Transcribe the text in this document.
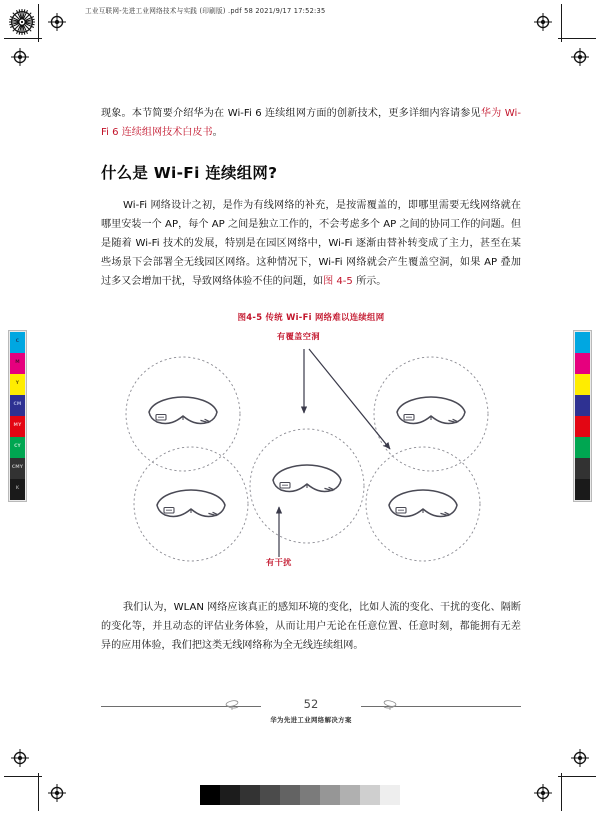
工业互联网-先进工业网络技术与实践 (印刷版) .pdf 58 2021/9/17 17:52:35
C
M
Y
CM
MY
CY
CMY
K

现象。本节简要介绍华为在 Wi-Fi 6 连续组网方面的创新技术，更多详细内容请参见华为 Wi-Fi 6 连续组网技术白皮书。

什么是 Wi-Fi 连续组网?

Wi-Fi 网络设计之初，是作为有线网络的补充，是按需覆盖的，即哪里需要无线网络就在哪里安装一个 AP，每个 AP 之间是独立工作的，不会考虑多个 AP 之间的协同工作的问题。但是随着 Wi-Fi 技术的发展，特别是在园区网络中，Wi-Fi 逐渐由替补转变成了主力，甚至在某些场景下会部署全无线园区网络。这种情况下，Wi-Fi 网络就会产生覆盖空洞，如果 AP 叠加过多又会增加干扰，导致网络体验不佳的问题，如图 4-5 所示。

图4-5 传统 Wi-Fi 网络难以连续组网
有覆盖空洞
有干扰

我们认为，WLAN 网络应该真正的感知环境的变化，比如人流的变化、干扰的变化、隔断的变化等，并且动态的评估业务体验，从而让用户无论在任意位置、任意时刻，都能拥有无差异的应用体验，我们把这类无线网络称为全无线连续组网。

52
华为先进工业网络解决方案
